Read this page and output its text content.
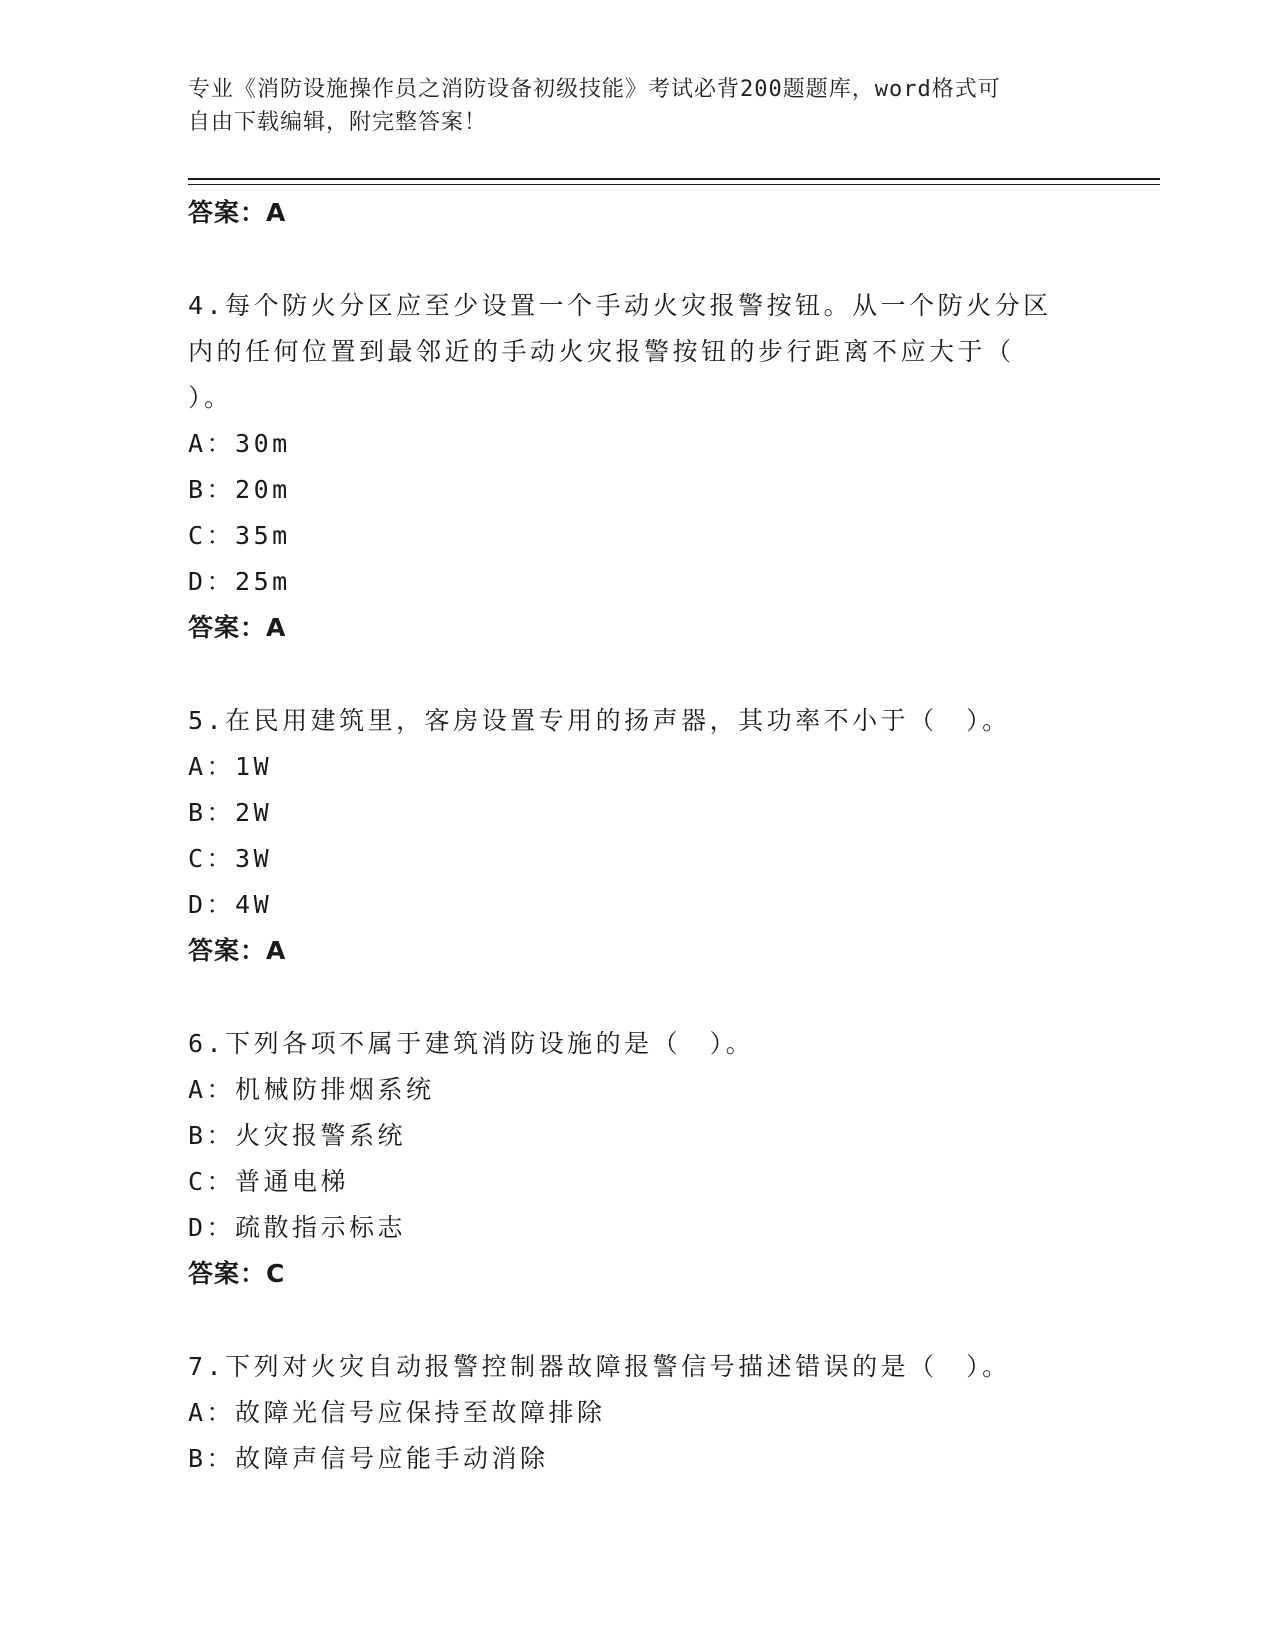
专业《消防设施操作员之消防设备初级技能》考试必背200题题库，word格式可

自由下载编辑，附完整答案！

答案：A
4.每个防火分区应至少设置一个手动火灾报警按钮。从一个防火分区
内的任何位置到最邻近的手动火灾报警按钮的步行距离不应大于（
）。
A：30m
B：20m
C：35m
D：25m
答案：A
5.在民用建筑里，客房设置专用的扬声器，其功率不小于（　）。
A：1W
B：2W
C：3W
D：4W
答案：A
6.下列各项不属于建筑消防设施的是（　）。
A：机械防排烟系统
B：火灾报警系统
C：普通电梯
D：疏散指示标志
答案：C
7.下列对火灾自动报警控制器故障报警信号描述错误的是（　）。
A：故障光信号应保持至故障排除
B：故障声信号应能手动消除
